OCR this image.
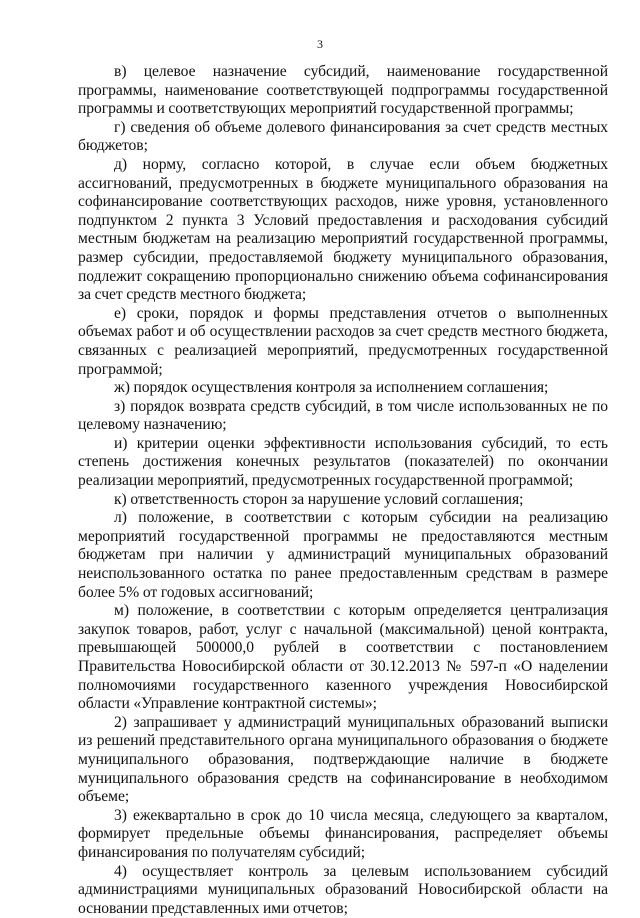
3

в) целевое назначение субсидий, наименование государственной программы, наименование соответствующей подпрограммы государственной программы и соответствующих мероприятий государственной программы;

г) сведения об объеме долевого финансирования за счет средств местных бюджетов;

д) норму, согласно которой, в случае если объем бюджетных ассигнований, предусмотренных в бюджете муниципального образования на софинансирование соответствующих расходов, ниже уровня, установленного подпунктом 2 пункта 3 Условий предоставления и расходования субсидий местным бюджетам на реализацию мероприятий государственной программы, размер субсидии, предоставляемой бюджету муниципального образования, подлежит сокращению пропорционально снижению объема софинансирования за счет средств местного бюджета;

е) сроки, порядок и формы представления отчетов о выполненных объемах работ и об осуществлении расходов за счет средств местного бюджета, связанных с реализацией мероприятий, предусмотренных государственной программой;

ж) порядок осуществления контроля за исполнением соглашения;

з) порядок возврата средств субсидий, в том числе использованных не по целевому назначению;

и) критерии оценки эффективности использования субсидий, то есть степень достижения конечных результатов (показателей) по окончании реализации мероприятий, предусмотренных государственной программой;

к) ответственность сторон за нарушение условий соглашения;

л) положение, в соответствии с которым субсидии на реализацию мероприятий государственной программы не предоставляются местным бюджетам при наличии у администраций муниципальных образований неиспользованного остатка по ранее предоставленным средствам в размере более 5% от годовых ассигнований;

м) положение, в соответствии с которым определяется централизация закупок товаров, работ, услуг с начальной (максимальной) ценой контракта, превышающей 500000,0 рублей в соответствии с постановлением Правительства Новосибирской области от 30.12.2013 № 597-п «О наделении полномочиями государственного казенного учреждения Новосибирской области «Управление контрактной системы»;

2) запрашивает у администраций муниципальных образований выписки из решений представительного органа муниципального образования о бюджете муниципального образования, подтверждающие наличие в бюджете муниципального образования средств на софинансирование в необходимом объеме;

3) ежеквартально в срок до 10 числа месяца, следующего за кварталом, формирует предельные объемы финансирования, распределяет объемы финансирования по получателям субсидий;

4) осуществляет контроль за целевым использованием субсидий администрациями муниципальных образований Новосибирской области на основании представленных ими отчетов;
